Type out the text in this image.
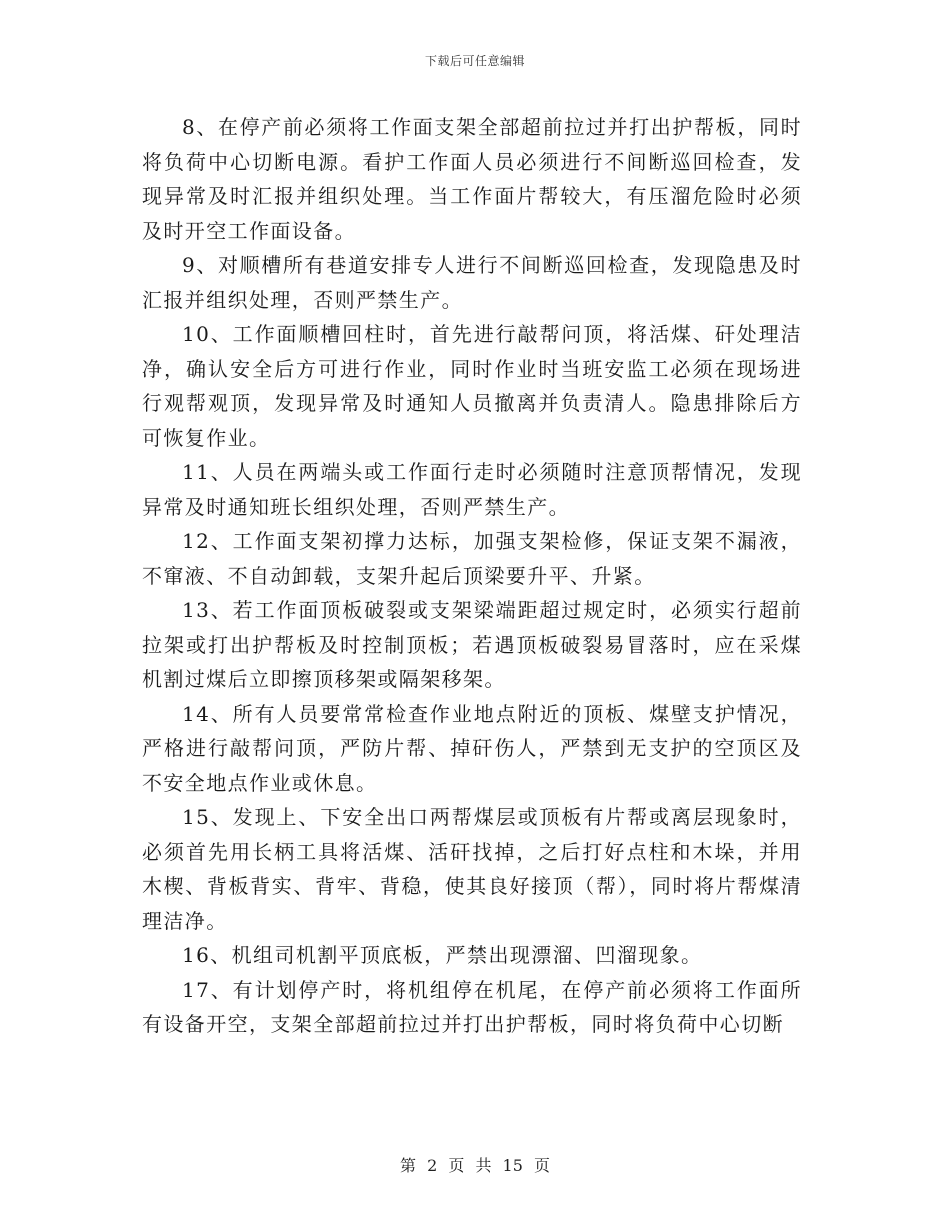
下载后可任意编辑

8、在停产前必须将工作面支架全部超前拉过并打出护帮板，同时将负荷中心切断电源。看护工作面人员必须进行不间断巡回检查，发现异常及时汇报并组织处理。当工作面片帮较大，有压溜危险时必须及时开空工作面设备。

9、对顺槽所有巷道安排专人进行不间断巡回检查，发现隐患及时汇报并组织处理，否则严禁生产。

10、工作面顺槽回柱时，首先进行敲帮问顶，将活煤、矸处理洁净，确认安全后方可进行作业，同时作业时当班安监工必须在现场进行观帮观顶，发现异常及时通知人员撤离并负责清人。隐患排除后方可恢复作业。

11、人员在两端头或工作面行走时必须随时注意顶帮情况，发现异常及时通知班长组织处理，否则严禁生产。

12、工作面支架初撑力达标，加强支架检修，保证支架不漏液，不窜液、不自动卸载，支架升起后顶梁要升平、升紧。

13、若工作面顶板破裂或支架梁端距超过规定时，必须实行超前拉架或打出护帮板及时控制顶板；若遇顶板破裂易冒落时，应在采煤机割过煤后立即擦顶移架或隔架移架。

14、所有人员要常常检查作业地点附近的顶板、煤壁支护情况，严格进行敲帮问顶，严防片帮、掉矸伤人，严禁到无支护的空顶区及不安全地点作业或休息。

15、发现上、下安全出口两帮煤层或顶板有片帮或离层现象时，必须首先用长柄工具将活煤、活矸找掉，之后打好点柱和木垛，并用木楔、背板背实、背牢、背稳，使其良好接顶（帮），同时将片帮煤清理洁净。

16、机组司机割平顶底板，严禁出现漂溜、凹溜现象。

17、有计划停产时，将机组停在机尾，在停产前必须将工作面所有设备开空，支架全部超前拉过并打出护帮板，同时将负荷中心切断

第 2 页 共 15 页
